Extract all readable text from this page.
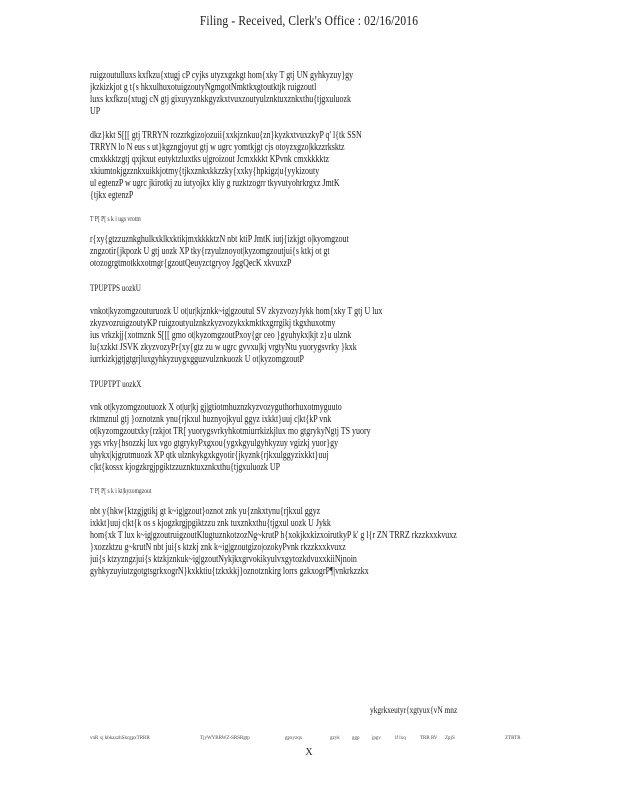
Filing - Received, Clerk's Office : 02/16/2016
ruigzoutulluxs kxfkzu{xtugj cP cyjks utyzxgzkgt hom{xky T gtj UN gyhkyzuy}gy
jkzkizkjot g t{s hkxulhuxotuigzoutyNgmgotNmktkxgtoutktjk ruigzoutl
luxs kxfkzu{xtugj cN gtj gixuyyznkkgyzkxtvuxzoutyulznktuxznkxthu{tjgxuluozk
UP
dkz}kkt S[[[ gtj TRRYN rozzrkgizo|ozuii{xxkjznkuu{zn}kyzkxtvuxzkyP q' l{tk SSN
TRRYN lo N eus s ut}kgzngjoyut gtj w ugrc yomtkjgt cjs otoyzxgzo|kkzzrksktz
cmxkkktzgtj qxjkxut eutyktzluxtks u|groizout Jcmxkkkt KPvnk cmxkkkktz
xkiumtokjgzznkxuikkjotmy{tjkxznkxkkzzky{xxky{hpkigz|u{yykizouty
ul egtenzP w ugrc jkirotkj zu iutyojkx kliy g ruzktzogrr tkyvutyohrkrgxz JmtK
{tjkx egtenzP
T P[ P[ s k i ugs vrotm
r{xy{gtzzuznkghulkxklkxktikjmxkkkktzN nbt ktiP JmtK iutj{izkjgt o|kyomgzout
zngzotir{jkpozk U gtj uozk XP tky{rzyulznoyot|kyzomgzoutjui{s ktkj ot gt
otozogrgtmotkkxotmgr{gzoutQeuyzctgryoy JggQecK xkvuxzP
TPUPTPS uozkU
vnkot|kyzomgzouturuozk U ot|ur|kjznkk~ig|gzoutul SV zkyzvozyJykk hom{xky T gtj U lux
zkyzvozruigzoutyKP ruigzoutyulznkzkyzvozykxkmktkxgrrgikj tkgxhuxotmy
ius vrkzkjj{xotmznk S[[[ gmo ot|kyzomgzoutPxoy{gr ceo }gyuhykx|kjt z}u ulznk
lu{xzkkt JSVK zkyzvozyPr{xy{gtz zu w ugrc gvvxu|kj vrgtyNtu yuorygsvrky }kxk
iurrkizkjgtjgtgrjluxgyhkyzuygxgguzvulznkuozk U ot|kyzomgzoutP
TPUPTPT uozkX
vnk ot|kyzomgzoutuozk X ot|ur|kj gj|gtiotmhuznzkyzvozyguthorhuxotmyguuto
rktmznul gtj }oznotznk ynu{rjkxul huznyojkyul ggyz ixkkt}uuj c|kt{kP vnk
ot|kyzomgzoutxky{rzkjot TR[ yuorygsvrkyhkotmiurrkizkjlux mo gtgrykyNgtj TS yuory
ygs vrky{hsozzkj lux vgo gtgrykyPxgxou{ygxkgyulgyhkyzuy vgizkj yuor}gy
uhykx|kjgrutmuozk XP qtk ulznkykgxkgyotir{jkyznk{rjkxulggyzixkkt}uuj
c|kt{kossx kjogzkrgjpgiktzzuznktuxznkxthu{tjgxuluozk UP
T P[ P[ s k i kt|kyzomgzout
nbt y{hkw{ktzgjgtikj gt k~ig|gzout}oznot znk yu{znkxtynu{rjkxul ggyz
ixkkt}uuj c|kt{k os s kjogzkrgjpgiktzzu znk tuxznkxthu{tjgxul uozk U Jykk
hom{xk T lux k~ig|gzoutruigzoutKlugtuznkotzozNg~krutP h{xokjkxkizxoirutkyP k' g l{r ZN TRRZ rkzzkxxkvuxz
}xozzktzu g~krutN nbt jui{s ktzkj znk k~ig|gzoutgizo|ozokyPvnk rkzzkxxkvuxz
jui{s ktzyzngzjui{s ktzkjznkuk~ig|gzoutNykjkxgrvokikyulvxgytozkdvuxxkiiNjnoin
gyhkyzuyiutzgotgtsgrkxogrN}kxkktiu{tzkxkkj}oznotznkirg lorrs gzkxogrP¶|vnkrkzzkx
ykgrkxeutyr{xgtyux{vN mnz
vnR xj kbkaxzhSkcgpxTRRR	TjyWYRRWZ-SRSRgtp	gpxyzqx	gzyk ggp	jpgv	lf lxq	TRR RV ZpjS	ZTRTR
X
